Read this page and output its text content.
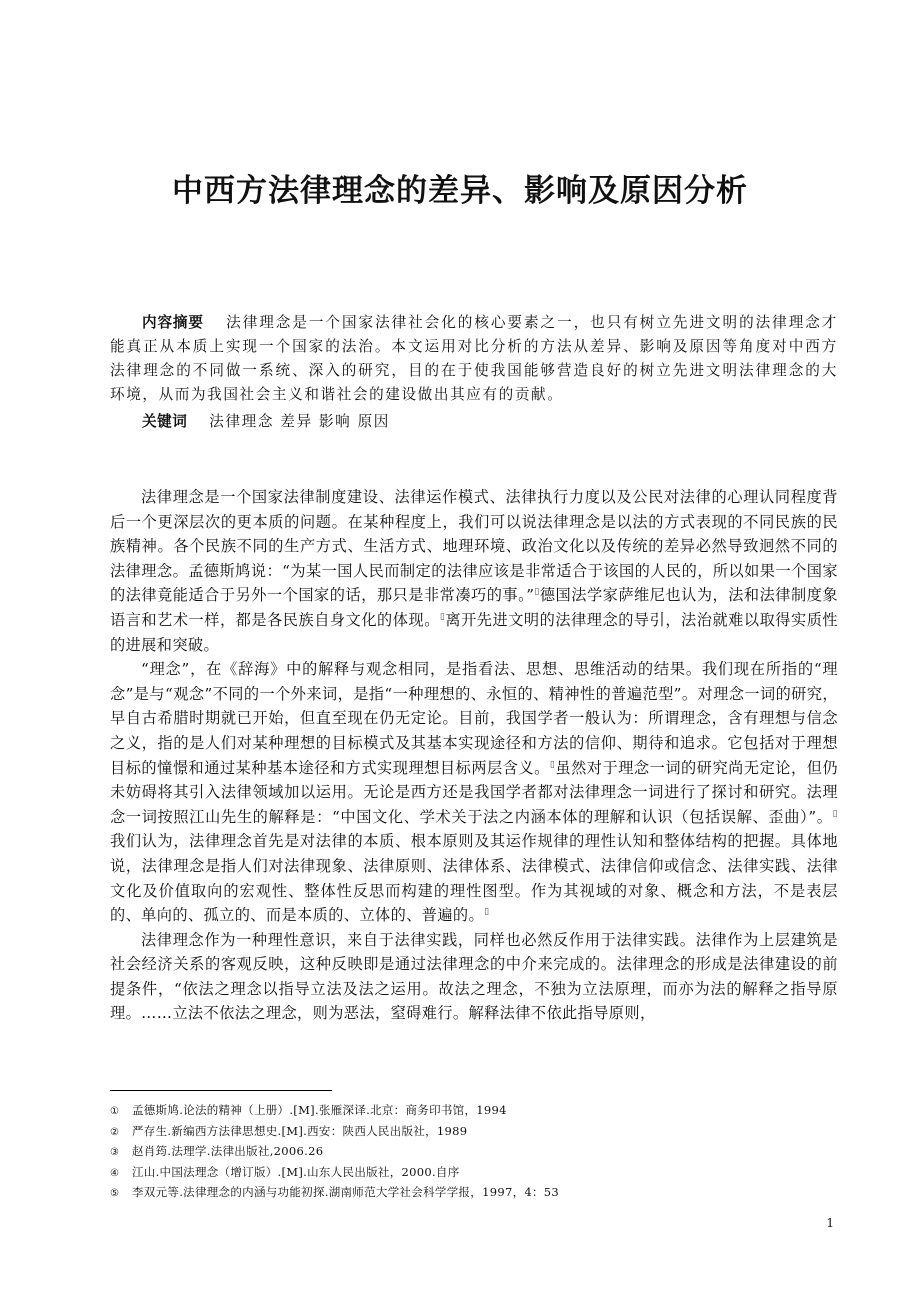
中西方法律理念的差异、影响及原因分析

内容摘要 法律理念是一个国家法律社会化的核心要素之一，也只有树立先进文明的法律理念才能真正从本质上实现一个国家的法治。本文运用对比分析的方法从差异、影响及原因等角度对中西方法律理念的不同做一系统、深入的研究，目的在于使我国能够营造良好的树立先进文明法律理念的大环境，从而为我国社会主义和谐社会的建设做出其应有的贡献。

关键词 法律理念 差异 影响 原因

法律理念是一个国家法律制度建设、法律运作模式、法律执行力度以及公民对法律的心理认同程度背后一个更深层次的更本质的问题。在某种程度上，我们可以说法律理念是以法的方式表现的不同民族的民族精神。各个民族不同的生产方式、生活方式、地理环境、政治文化以及传统的差异必然导致迥然不同的法律理念。孟德斯鸠说：“为某一国人民而制定的法律应该是非常适合于该国的人民的，所以如果一个国家的法律竟能适合于另外一个国家的话，那只是非常凑巧的事。”▯德国法学家萨维尼也认为，法和法律制度象语言和艺术一样，都是各民族自身文化的体现。▯离开先进文明的法律理念的导引，法治就难以取得实质性的进展和突破。

“理念”，在《辞海》中的解释与观念相同，是指看法、思想、思维活动的结果。我们现在所指的“理念”是与“观念”不同的一个外来词，是指“一种理想的、永恒的、精神性的普遍范型”。对理念一词的研究，早自古希腊时期就已开始，但直至现在仍无定论。目前，我国学者一般认为：所谓理念，含有理想与信念之义，指的是人们对某种理想的目标模式及其基本实现途径和方法的信仰、期待和追求。它包括对于理想目标的憧憬和通过某种基本途径和方式实现理想目标两层含义。▯虽然对于理念一词的研究尚无定论，但仍未妨碍将其引入法律领域加以运用。无论是西方还是我国学者都对法律理念一词进行了探讨和研究。法理念一词按照江山先生的解释是：“中国文化、学术关于法之内涵本体的理解和认识（包括误解、歪曲）”。▯我们认为，法律理念首先是对法律的本质、根本原则及其运作规律的理性认知和整体结构的把握。具体地说，法律理念是指人们对法律现象、法律原则、法律体系、法律模式、法律信仰或信念、法律实践、法律文化及价值取向的宏观性、整体性反思而构建的理性图型。作为其视域的对象、概念和方法，不是表层的、单向的、孤立的、而是本质的、立体的、普遍的。▯

法律理念作为一种理性意识，来自于法律实践，同样也必然反作用于法律实践。法律作为上层建筑是社会经济关系的客观反映，这种反映即是通过法律理念的中介来完成的。法律理念的形成是法律建设的前提条件，“依法之理念以指导立法及法之运用。故法之理念，不独为立法原理，而亦为法的解释之指导原理。……立法不依法之理念，则为恶法，窒碍难行。解释法律不依此指导原则，

① 孟德斯鸠.论法的精神（上册）.[M].张雁深译.北京：商务印书馆，1994
② 严存生.新编西方法律思想史.[M].西安：陕西人民出版社，1989
③ 赵肖筠.法理学.法律出版社,2006.26
④ 江山.中国法理念（增订版）.[M].山东人民出版社，2000.自序
⑤ 李双元等.法律理念的内涵与功能初探.湖南师范大学社会科学学报，1997，4：53
1
